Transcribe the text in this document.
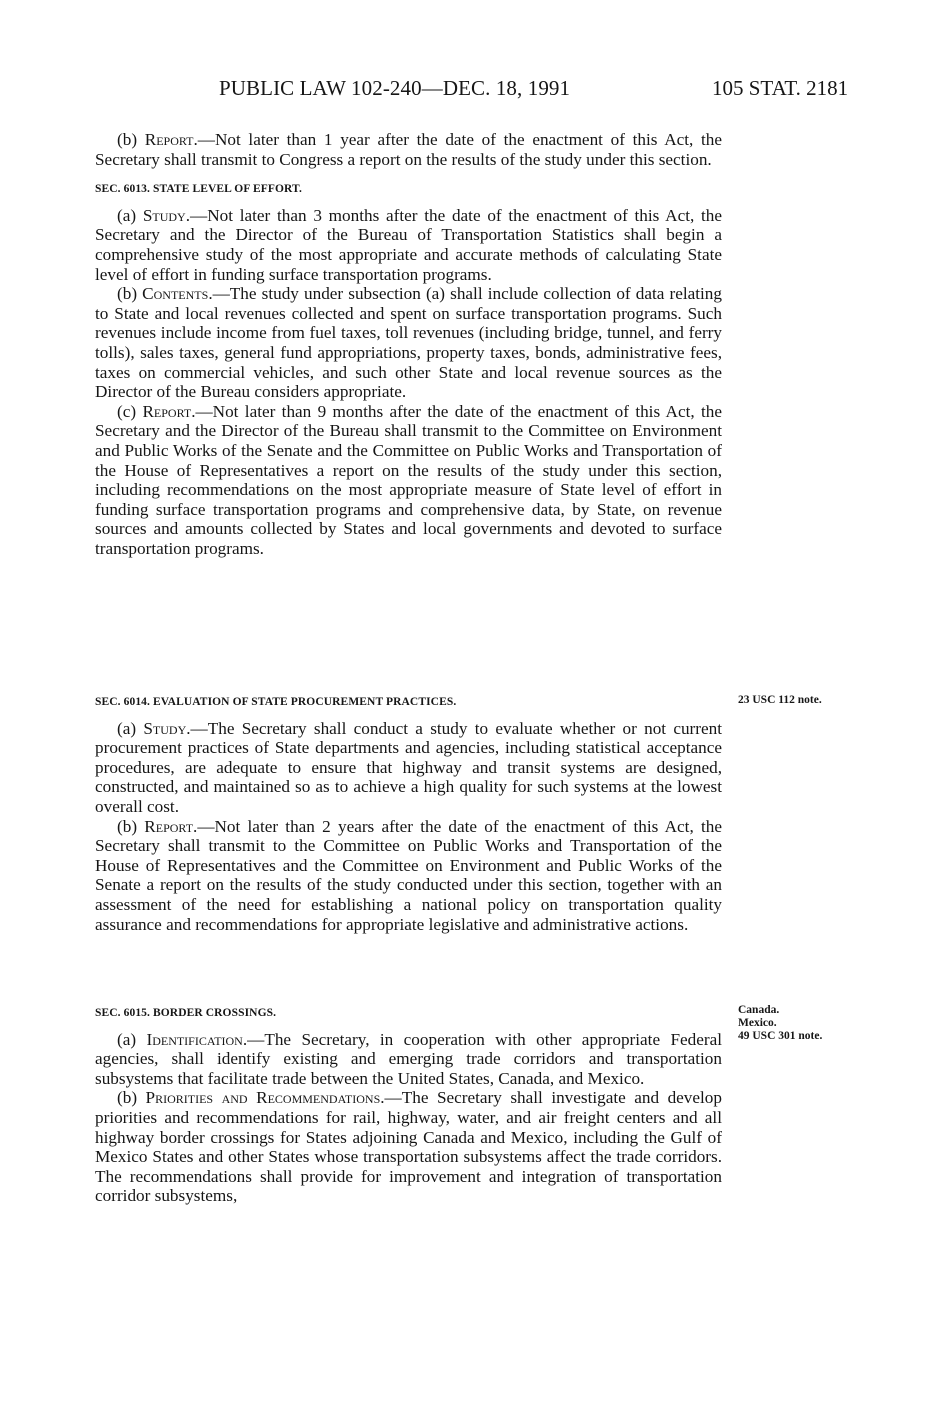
PUBLIC LAW 102-240—DEC. 18, 1991	105 STAT. 2181

(b) Report.—Not later than 1 year after the date of the enactment of this Act, the Secretary shall transmit to Congress a report on the results of the study under this section.

SEC. 6013. STATE LEVEL OF EFFORT.

(a) Study.—Not later than 3 months after the date of the enactment of this Act, the Secretary and the Director of the Bureau of Transportation Statistics shall begin a comprehensive study of the most appropriate and accurate methods of calculating State level of effort in funding surface transportation programs.

(b) Contents.—The study under subsection (a) shall include collection of data relating to State and local revenues collected and spent on surface transportation programs. Such revenues include income from fuel taxes, toll revenues (including bridge, tunnel, and ferry tolls), sales taxes, general fund appropriations, property taxes, bonds, administrative fees, taxes on commercial vehicles, and such other State and local revenue sources as the Director of the Bureau considers appropriate.

(c) Report.—Not later than 9 months after the date of the enactment of this Act, the Secretary and the Director of the Bureau shall transmit to the Committee on Environment and Public Works of the Senate and the Committee on Public Works and Transportation of the House of Representatives a report on the results of the study under this section, including recommendations on the most appropriate measure of State level of effort in funding surface transportation programs and comprehensive data, by State, on revenue sources and amounts collected by States and local governments and devoted to surface transportation programs.

SEC. 6014. EVALUATION OF STATE PROCUREMENT PRACTICES.

(a) Study.—The Secretary shall conduct a study to evaluate whether or not current procurement practices of State departments and agencies, including statistical acceptance procedures, are adequate to ensure that highway and transit systems are designed, constructed, and maintained so as to achieve a high quality for such systems at the lowest overall cost.

(b) Report.—Not later than 2 years after the date of the enactment of this Act, the Secretary shall transmit to the Committee on Public Works and Transportation of the House of Representatives and the Committee on Environment and Public Works of the Senate a report on the results of the study conducted under this section, together with an assessment of the need for establishing a national policy on transportation quality assurance and recommendations for appropriate legislative and administrative actions.

23 USC 112 note.

SEC. 6015. BORDER CROSSINGS.

(a) Identification.—The Secretary, in cooperation with other appropriate Federal agencies, shall identify existing and emerging trade corridors and transportation subsystems that facilitate trade between the United States, Canada, and Mexico.

(b) Priorities and Recommendations.—The Secretary shall investigate and develop priorities and recommendations for rail, highway, water, and air freight centers and all highway border crossings for States adjoining Canada and Mexico, including the Gulf of Mexico States and other States whose transportation subsystems affect the trade corridors. The recommendations shall provide for improvement and integration of transportation corridor subsystems,

Canada.
Mexico.
49 USC 301 note.
